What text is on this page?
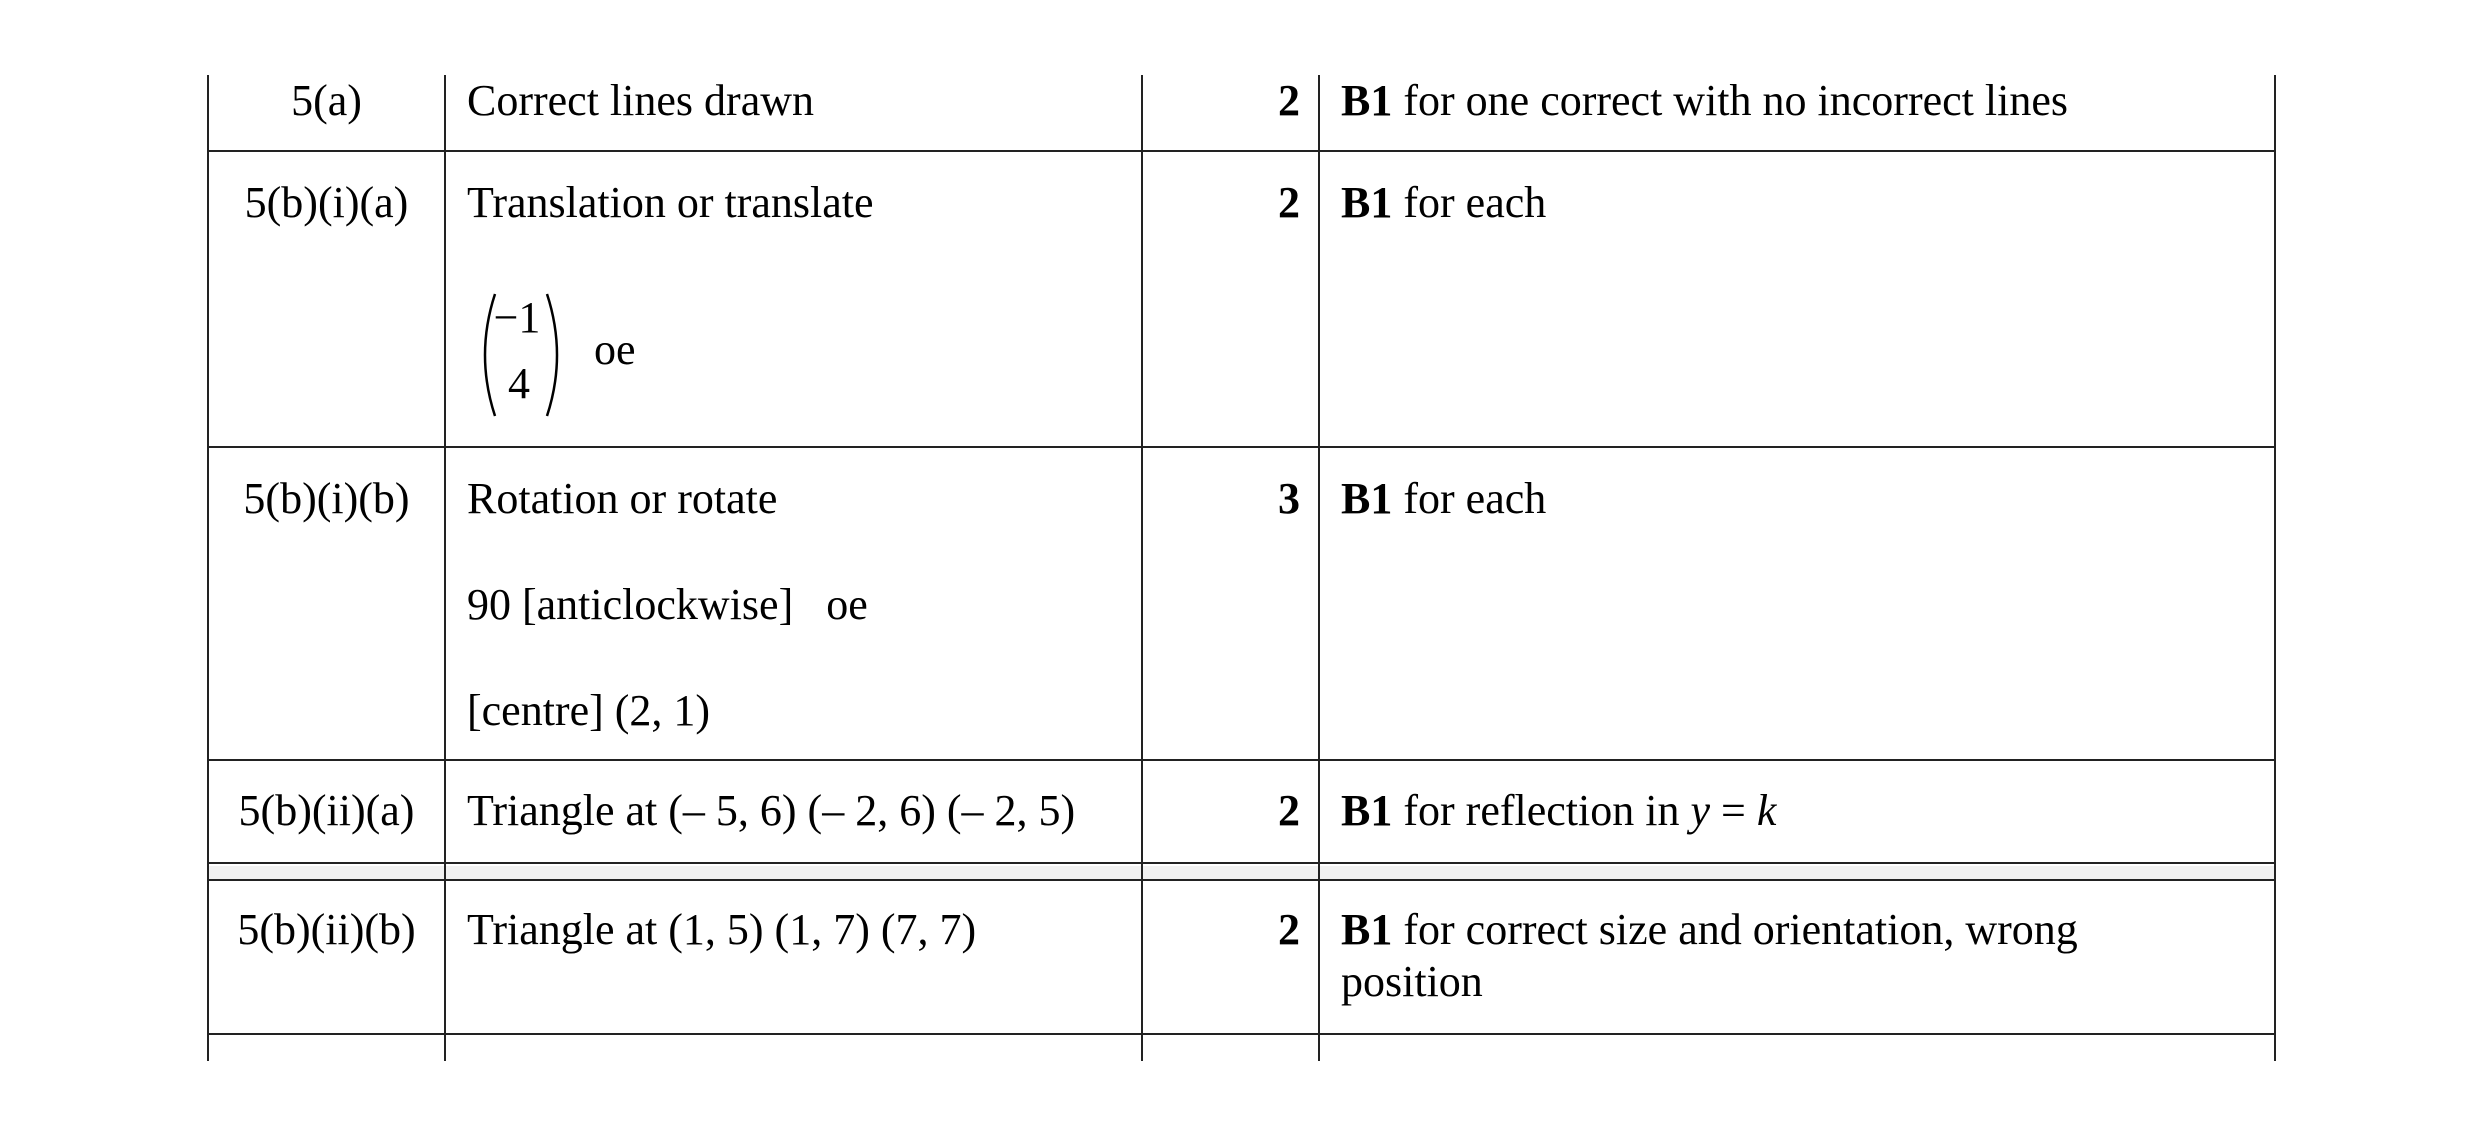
5(a)	Correct lines drawn	2 B1 for one correct with no incorrect lines
5(b)(i)(a)	Translation or translate
−1
4
oe
2 B1 for each
5(b)(i)(b)	Rotation or rotate
90 [anticlockwise]   oe
[centre] (2, 1)
3 B1 for each
5(b)(ii)(a)	Triangle at (– 5, 6) (– 2, 6) (– 2, 5)	2 B1 for reflection in y = k
5(b)(ii)(b)	Triangle at (1, 5) (1, 7) (7, 7)	2 B1 for correct size and orientation, wrong position
